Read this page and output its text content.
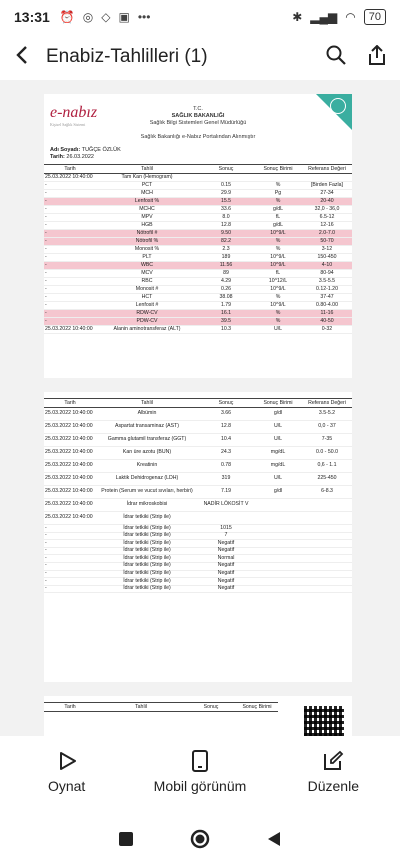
13:31 ⏰ ◎ ◇ ▣ •••	✱ ▂▄▆ ◠	70
Enabiz-Tahlilleri (1)
e-nabız
Kişisel Sağlık Sistemi
T.C.
SAĞLIK BAKANLIĞI
Sağlık Bilgi Sistemleri Genel Müdürlüğü
Sağlık Bakanlığı e-Nabız Portalından Alınmıştır
Adı Soyadı: TUĞÇE ÖZLÜK
Tarih: 26.03.2022
Tarih	Tahlil	Sonuç	Sonuç Birimi	Referans Değeri
25.03.2022 10:40:00	Tam Kan (Hemogram)			
-	PCT	0.15	%	[Birden Fazla]
-	MCH	29.9	Pg	27-34
-	Lenfosit %	15.5	%	20-40
-	MCHC	33.6	g/dL	32,0 - 36,0
-	MPV	8.0	fL	6.5-12
-	HGB	12.8	g/dL	12-16
-	Nötrofil #	9.50	10^9/L	2.0-7.0
-	Nötrofil %	82.2	%	50-70
-	Monosit %	2.3	%	3-12
-	PLT	189	10^9/L	150-450
-	WBC	11.56	10^9/L	4-10
-	MCV	89	fL	80-94
-	RBC	4.29	10^12/L	3.5-5.5
-	Monosit #	0.26	10^9/L	0.12-1.20
-	HCT	38.08	%	37-47
-	Lenfosit #	1.79	10^9/L	0.80-4.00
-	RDW-CV	16.1	%	11-16
-	PDW-CV	39.5	%	40-50
25.03.2022 10:40:00	Alanin aminotransferaz (ALT)	10.3	U/L	0-32
Tarih	Tahlil	Sonuç	Sonuç Birimi	Referans Değeri
25.03.2022 10:40:00	Albümin	3.66	g/dl	3.5-5.2
25.03.2022 10:40:00	Aspartat transaminaz (AST)	12.8	U/L	0,0 - 37
25.03.2022 10:40:00	Gamma glutamil transferaz (GGT)	10.4	U/L	7-35
25.03.2022 10:40:00	Kan üre azotu (BUN)	24.3	mg/dL	0.0 - 50.0
25.03.2022 10:40:00	Kreatinin	0.78	mg/dL	0,6 - 1.1
25.03.2022 10:40:00	Laktik Dehidrogenaz (LDH)	319	U/L	225-450
25.03.2022 10:40:00	Protein (Serum ve vucut sıvıları, herbiri)	7.19	g/dl	6-8.3
25.03.2022 10:40:00	İdrar mikroskobisi	NADİR LÖKOSİT V		
25.03.2022 10:40:00	İdrar tetkiki (Strip ile)			
-	İdrar tetkiki (Strip ile)	1015		
-	İdrar tetkiki (Strip ile)	7		
-	İdrar tetkiki (Strip ile)	Negatif		
-	İdrar tetkiki (Strip ile)	Negatif		
-	İdrar tetkiki (Strip ile)	Normal		
-	İdrar tetkiki (Strip ile)	Negatif		
-	İdrar tetkiki (Strip ile)	Negatif		
-	İdrar tetkiki (Strip ile)	Negatif		
-	İdrar tetkiki (Strip ile)	Negatif		
Tarih	Tahlil	Sonuç	Sonuç Birimi
Oynat	Mobil görünüm	Düzenle
